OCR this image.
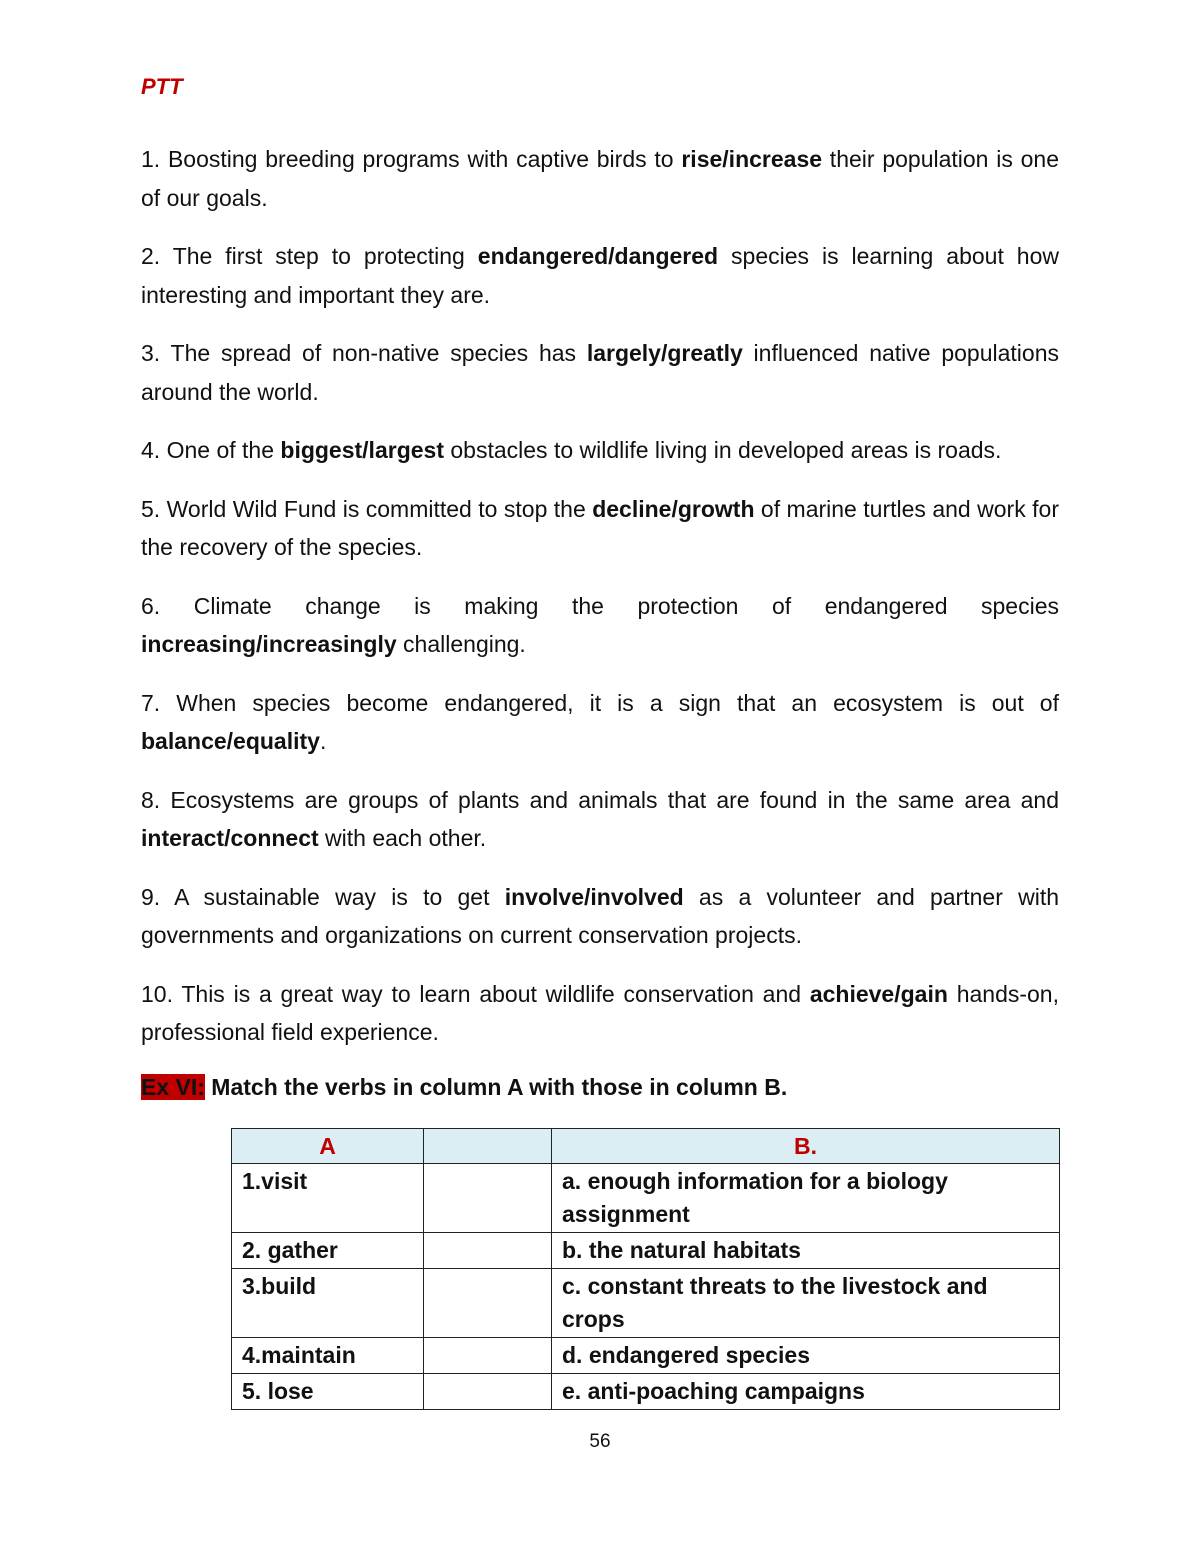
PTT

1. Boosting breeding programs with captive birds to rise/increase their population is one of our goals.

2. The first step to protecting endangered/dangered species is learning about how interesting and important they are.

3. The spread of non-native species has largely/greatly influenced native populations around the world.

4. One of the biggest/largest obstacles to wildlife living in developed areas is roads.

5. World Wild Fund is committed to stop the decline/growth of marine turtles and work for the recovery of the species.

6. Climate change is making the protection of endangered species increasing/increasingly challenging.

7. When species become endangered, it is a sign that an ecosystem is out of balance/equality.

8. Ecosystems are groups of plants and animals that are found in the same area and interact/connect with each other.

9. A sustainable way is to get involve/involved as a volunteer and partner with governments and organizations on current conservation projects.

10. This is a great way to learn about wildlife conservation and achieve/gain hands-on, professional field experience.

Ex VI: Match the verbs in column A with those in column B.
A		B.
1.visit		a. enough information for a biology assignment
2. gather		b. the natural habitats
3.build		c. constant threats to the livestock and crops
4.maintain		d. endangered species
5. lose		e. anti-poaching campaigns
56
